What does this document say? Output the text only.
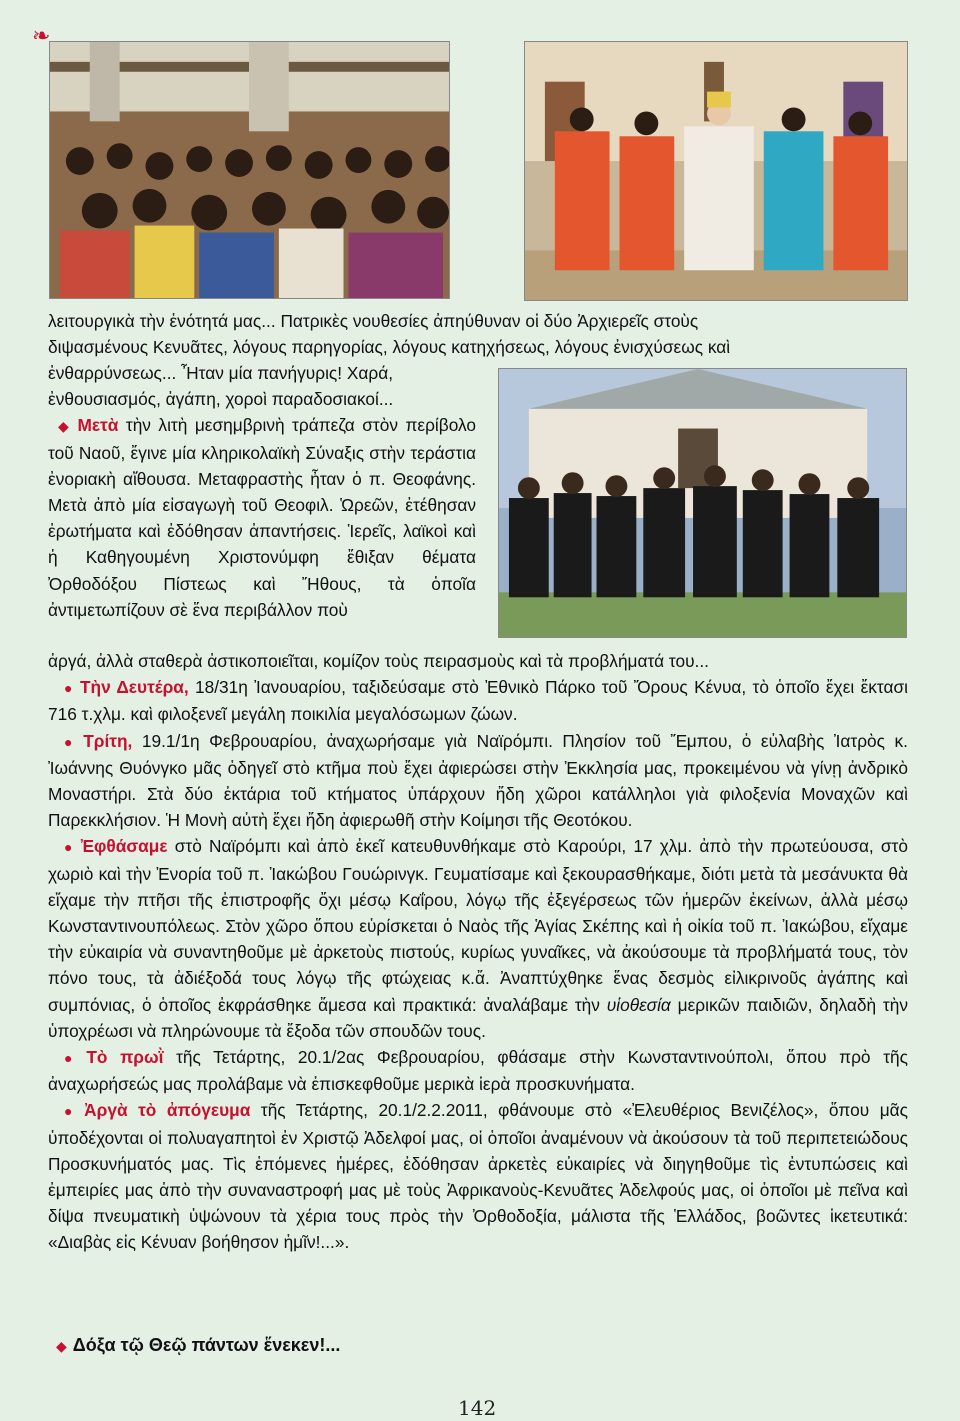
❧
λειτουργικὰ τὴν ἑνότητά μας... Πατρικὲς νουθεσίες ἀπηύθυναν οἱ δύο Ἀρχιερεῖς στοὺς
διψασμένους Κενυᾶτες, λόγους παρηγορίας, λόγους κατηχήσεως, λόγους ἐνισχύσεως καὶ
ἐνθαρρύνσεως... Ἦταν μία πανήγυρις! Χαρά,
ἐνθουσιασμός, ἀγάπη, χοροὶ παραδοσιακοί...
◆ Μετὰ τὴν λιτὴ μεσημβρινὴ τράπεζα στὸν περίβολο τοῦ Ναοῦ, ἔγινε μία κληρικολαϊκὴ Σύναξις στὴν τεράστια ἐνοριακὴ αἴθουσα. Μεταφραστὴς ἦταν ὁ π. Θεοφάνης. Μετὰ ἀπὸ μία εἰσαγωγὴ τοῦ Θεοφιλ. Ὡρεῶν, ἐτέθησαν ἐρωτήματα καὶ ἐδόθησαν ἀπαντήσεις. Ἱερεῖς, λαϊκοὶ καὶ ἡ Καθηγουμένη Χριστονύμφη ἔθιξαν θέματα Ὀρθοδόξου Πίστεως καὶ Ἤθους, τὰ ὁποῖα ἀντιμετωπίζουν σὲ ἕνα περιβάλλον ποὺ
ἀργά, ἀλλὰ σταθερὰ ἀστικοποιεῖται, κομίζον τοὺς πειρασμοὺς καὶ τὰ προβλήματά του...
● Τὴν Δευτέρα, 18/31η Ἰανουαρίου, ταξιδεύσαμε στὸ Ἐθνικὸ Πάρκο τοῦ Ὄρους Κένυα, τὸ ὁποῖο ἔχει ἔκτασι 716 τ.χλμ. καὶ φιλοξενεῖ μεγάλη ποικιλία μεγαλόσωμων ζώων.
● Τρίτη, 19.1/1η Φεβρουαρίου, ἀναχωρήσαμε γιὰ Ναϊρόμπι. Πλησίον τοῦ Ἔμπου, ὁ εὐλαβὴς Ἰατρὸς κ. Ἰωάννης Θυόνγκο μᾶς ὁδηγεῖ στὸ κτῆμα ποὺ ἔχει ἀφιερώσει στὴν Ἐκκλησία μας, προκειμένου νὰ γίνῃ ἀνδρικὸ Μοναστήρι. Στὰ δύο ἐκτάρια τοῦ κτήματος ὑπάρχουν ἤδη χῶροι κατάλληλοι γιὰ φιλοξενία Μοναχῶν καὶ Παρεκκλήσιον. Ἡ Μονὴ αὐτὴ ἔχει ἤδη ἀφιερωθῆ στὴν Κοίμησι τῆς Θεοτόκου.
● Ἐφθάσαμε στὸ Ναϊρόμπι καὶ ἀπὸ ἐκεῖ κατευθυνθήκαμε στὸ Καρούρι, 17 χλμ. ἀπὸ τὴν πρωτεύουσα, στὸ χωριὸ καὶ τὴν Ἐνορία τοῦ π. Ἰακώβου Γουώρινγκ. Γευματίσαμε καὶ ξεκουρασθήκαμε, διότι μετὰ τὰ μεσάνυκτα θὰ εἴχαμε τὴν πτῆσι τῆς ἐπιστροφῆς ὄχι μέσῳ Καΐρου, λόγῳ τῆς ἐξεγέρσεως τῶν ἡμερῶν ἐκείνων, ἀλλὰ μέσῳ Κωνσταντινουπόλεως. Στὸν χῶρο ὅπου εὑρίσκεται ὁ Ναὸς τῆς Ἁγίας Σκέπης καὶ ἡ οἰκία τοῦ π. Ἰακώβου, εἴχαμε τὴν εὐκαιρία νὰ συναντηθοῦμε μὲ ἀρκετοὺς πιστούς, κυρίως γυναῖκες, νὰ ἀκούσουμε τὰ προβλήματά τους, τὸν πόνο τους, τὰ ἀδιέξοδά τους λόγῳ τῆς φτώχειας κ.ἄ. Ἀναπτύχθηκε ἕνας δεσμὸς εἰλικρινοῦς ἀγάπης καὶ συμπόνιας, ὁ ὁποῖος ἐκφράσθηκε ἄμεσα καὶ πρακτικά: ἀναλάβαμε τὴν υἱοθεσία μερικῶν παιδιῶν, δηλαδὴ τὴν ὑποχρέωσι νὰ πληρώνουμε τὰ ἔξοδα τῶν σπουδῶν τους.
● Τὸ πρωῒ τῆς Τετάρτης, 20.1/2ας Φεβρουαρίου, φθάσαμε στὴν Κωνσταντινούπολι, ὅπου πρὸ τῆς ἀναχωρήσεώς μας προλάβαμε νὰ ἐπισκεφθοῦμε μερικὰ ἱερὰ προσκυνήματα.
● Ἀργὰ τὸ ἀπόγευμα τῆς Τετάρτης, 20.1/2.2.2011, φθάνουμε στὸ «Ἐλευθέριος Βενιζέλος», ὅπου μᾶς ὑποδέχονται οἱ πολυαγαπητοὶ ἐν Χριστῷ Ἀδελφοί μας, οἱ ὁποῖοι ἀναμένουν νὰ ἀκούσουν τὰ τοῦ περιπετειώδους Προσκυνήματός μας. Τὶς ἑπόμενες ἡμέρες, ἐδόθησαν ἀρκετὲς εὐκαιρίες νὰ διηγηθοῦμε τὶς ἐντυπώσεις καὶ ἐμπειρίες μας ἀπὸ τὴν συναναστροφή μας μὲ τοὺς Ἀφρικανοὺς-Κενυᾶτες Ἀδελφούς μας, οἱ ὁποῖοι μὲ πεῖνα καὶ δίψα πνευματικὴ ὑψώνουν τὰ χέρια τους πρὸς τὴν Ὀρθοδοξία, μάλιστα τῆς Ἑλλάδος, βοῶντες ἱκετευτικά: «Διαβὰς εἰς Κένυαν βοήθησον ἡμῖν!...».
◆ Δόξα τῷ Θεῷ πάντων ἕνεκεν!...
142
